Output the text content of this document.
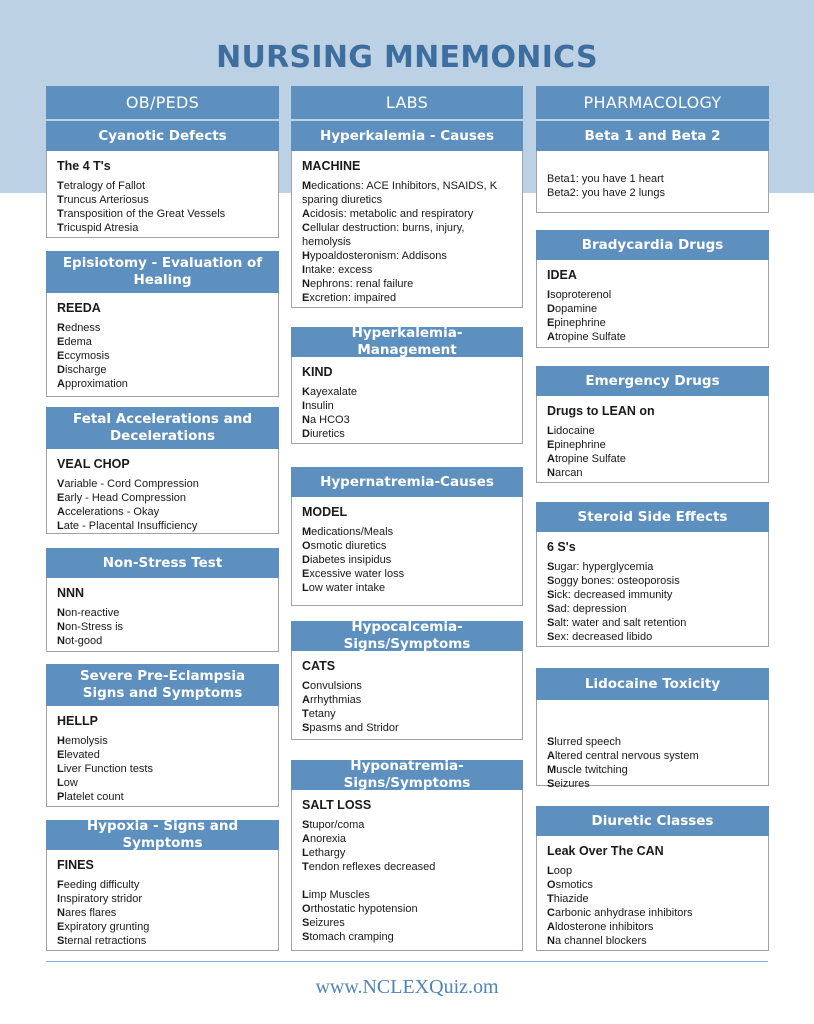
NURSING MNEMONICS
OB/PEDS
Cyanotic Defects
The 4 T's
Tetralogy of Fallot
Truncus Arteriosus
Transposition of the Great Vessels
Tricuspid Atresia
Episiotomy - Evaluation of Healing
REEDA
Redness
Edema
Eccymosis
Discharge
Approximation
Fetal Accelerations and Decelerations
VEAL CHOP
Variable - Cord Compression
Early - Head Compression
Accelerations - Okay
Late - Placental Insufficiency
Non-Stress Test
NNN
Non-reactive
Non-Stress is
Not-good
Severe Pre-Eclampsia Signs and Symptoms
HELLP
Hemolysis
Elevated
Liver Function tests
Low
Platelet count
Hypoxia - Signs and Symptoms
FINES
Feeding difficulty
Inspiratory stridor
Nares flares
Expiratory grunting
Sternal retractions
LABS
Hyperkalemia - Causes
MACHINE
Medications: ACE Inhibitors, NSAIDS, K sparing diuretics
Acidosis: metabolic and respiratory
Cellular destruction: burns, injury, hemolysis
Hypoaldosteronism: Addisons
Intake: excess
Nephrons: renal failure
Excretion: impaired
Hyperkalemia-Management
KIND
Kayexalate
Insulin
Na HCO3
Diuretics
Hypernatremia-Causes
MODEL
Medications/Meals
Osmotic diuretics
Diabetes insipidus
Excessive water loss
Low water intake
Hypocalcemia-Signs/Symptoms
CATS
Convulsions
Arrhythmias
Tetany
Spasms and Stridor
Hyponatremia-Signs/Symptoms
SALT LOSS
Stupor/coma
Anorexia
Lethargy
Tendon reflexes decreased
Limp Muscles
Orthostatic hypotension
Seizures
Stomach cramping
PHARMACOLOGY
Beta 1 and Beta 2
Beta1: you have 1 heart
Beta2: you have 2 lungs
Bradycardia Drugs
IDEA
Isoproterenol
Dopamine
Epinephrine
Atropine Sulfate
Emergency Drugs
Drugs to LEAN on
Lidocaine
Epinephrine
Atropine Sulfate
Narcan
Steroid Side Effects
6 S's
Sugar: hyperglycemia
Soggy bones: osteoporosis
Sick: decreased immunity
Sad: depression
Salt: water and salt retention
Sex: decreased libido
Lidocaine Toxicity
Slurred speech
Altered central nervous system
Muscle twitching
Seizures
Diuretic Classes
Leak Over The CAN
Loop
Osmotics
Thiazide
Carbonic anhydrase inhibitors
Aldosterone inhibitors
Na channel blockers
www.NCLEXQuiz.om
